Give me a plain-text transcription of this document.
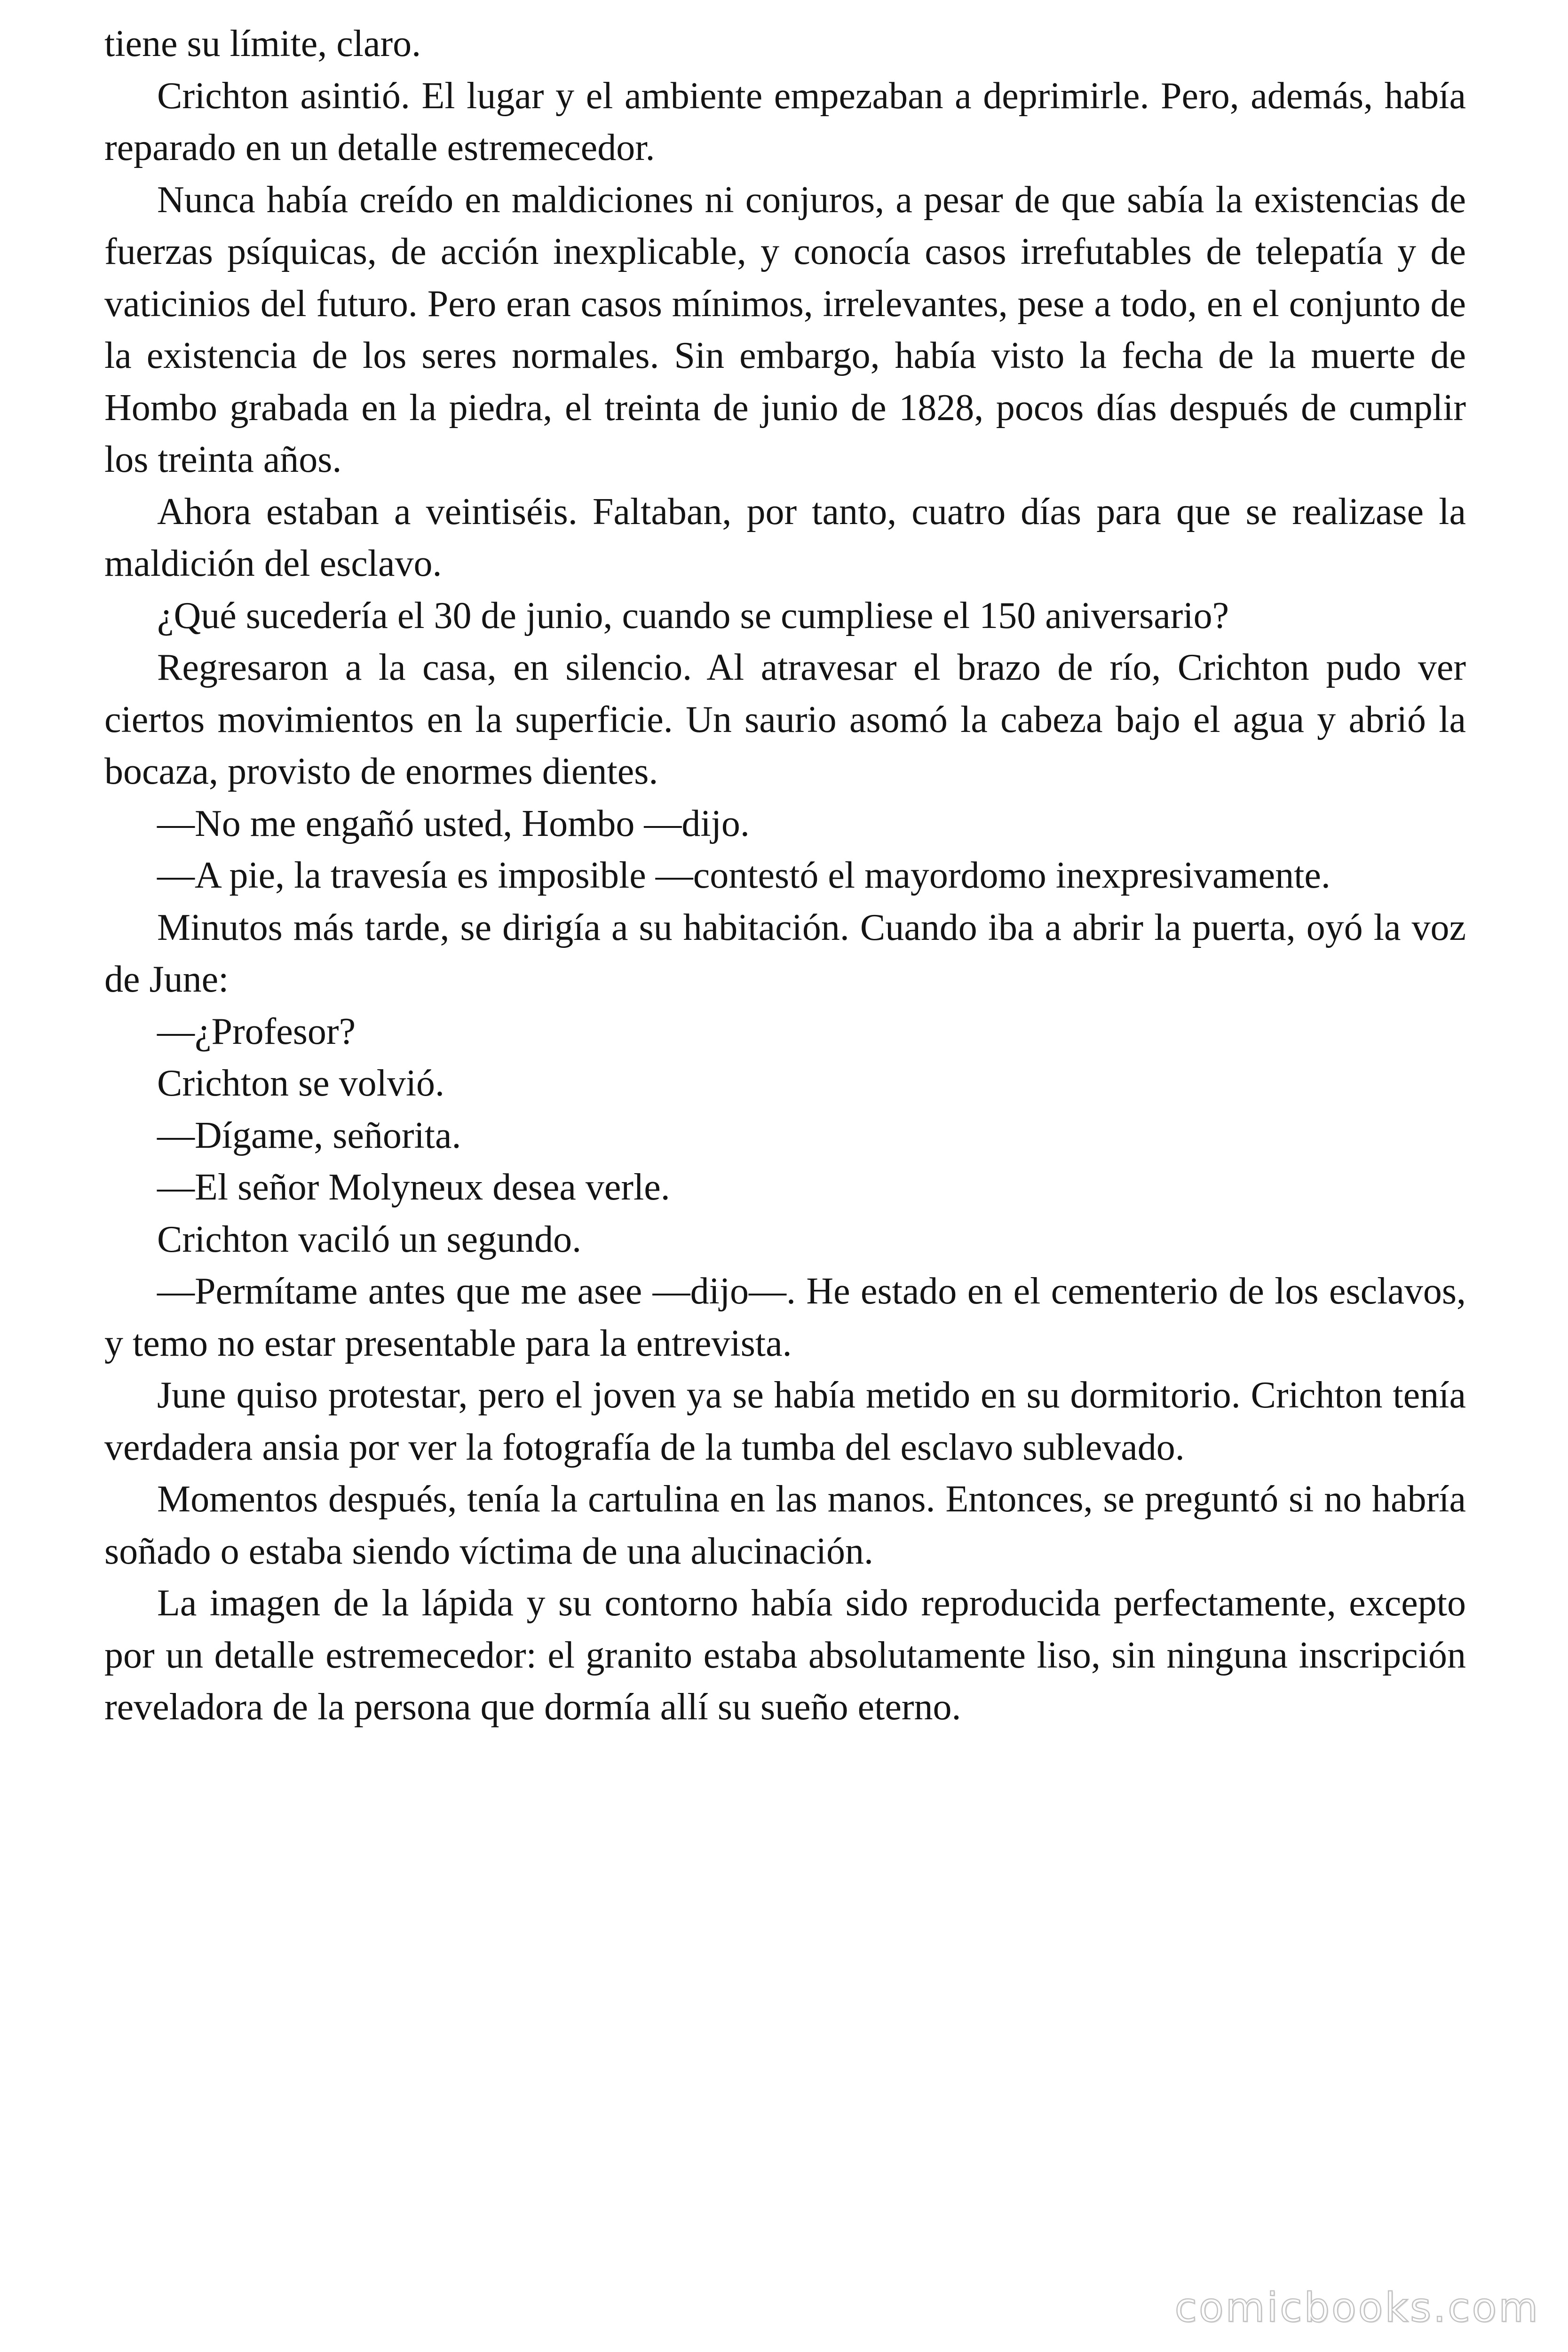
tiene su límite, claro.

Crichton asintió. El lugar y el ambiente empezaban a deprimirle. Pero, además, había reparado en un detalle estremecedor.

Nunca había creído en maldiciones ni conjuros, a pesar de que sabía la existencias de fuerzas psíquicas, de acción inexplicable, y conocía casos irrefutables de telepatía y de vaticinios del futuro. Pero eran casos mínimos, irrelevantes, pese a todo, en el conjunto de la existencia de los seres normales. Sin embargo, había visto la fecha de la muerte de Hombo grabada en la piedra, el treinta de junio de 1828, pocos días después de cumplir los treinta años.

Ahora estaban a veintiséis. Faltaban, por tanto, cuatro días para que se realizase la maldición del esclavo.

¿Qué sucedería el 30 de junio, cuando se cumpliese el 150 aniversario?

Regresaron a la casa, en silencio. Al atravesar el brazo de río, Crichton pudo ver ciertos movimientos en la superficie. Un saurio asomó la cabeza bajo el agua y abrió la bocaza, provisto de enormes dientes.

—No me engañó usted, Hombo —dijo.

—A pie, la travesía es imposible —contestó el mayordomo inexpresivamente.

Minutos más tarde, se dirigía a su habitación. Cuando iba a abrir la puerta, oyó la voz de June:

—¿Profesor?

Crichton se volvió.

—Dígame, señorita.

—El señor Molyneux desea verle.

Crichton vaciló un segundo.

—Permítame antes que me asee —dijo—. He estado en el cementerio de los esclavos, y temo no estar presentable para la entrevista.

June quiso protestar, pero el joven ya se había metido en su dormitorio. Crichton tenía verdadera ansia por ver la fotografía de la tumba del esclavo sublevado.

Momentos después, tenía la cartulina en las manos. Entonces, se preguntó si no habría soñado o estaba siendo víctima de una alucinación.

La imagen de la lápida y su contorno había sido reproducida perfectamente, excepto por un detalle estremecedor: el granito estaba absolutamente liso, sin ninguna inscripción reveladora de la persona que dormía allí su sueño eterno.

comicbooks.com
